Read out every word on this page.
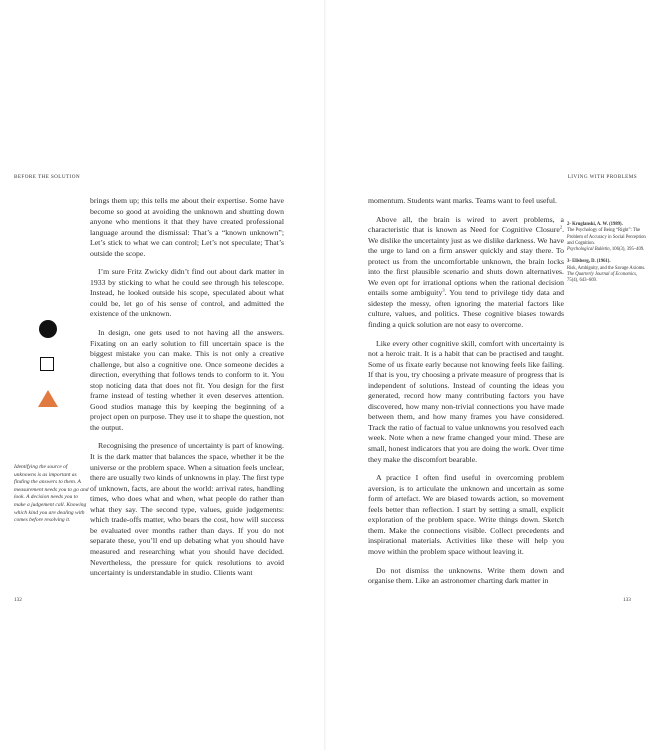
BEFORE THE SOLUTION	LIVING WITH PROBLEMS
Identifying the source of unknowns is as important as finding the answers to them. A measurement needs you to go and look. A decision needs you to make a judgement call. Knowing which kind you are dealing with comes before resolving it.

brings them up; this tells me about their expertise. Some have become so good at avoiding the unknown and shutting down anyone who mentions it that they have created professional language around the dismissal: That’s a “known unknown”; Let’s stick to what we can control; Let’s not speculate; That’s outside the scope.

I’m sure Fritz Zwicky didn’t find out about dark matter in 1933 by sticking to what he could see through his telescope. Instead, he looked outside his scope, speculated about what could be, let go of his sense of control, and admitted the existence of the unknown.

In design, one gets used to not having all the answers. Fixating on an early solution to fill uncertain space is the biggest mistake you can make. This is not only a creative challenge, but also a cognitive one. Once someone decides a direction, everything that follows tends to conform to it. You stop noticing data that does not fit. You design for the first frame instead of testing whether it even deserves attention. Good studios manage this by keeping the beginning of a project open on purpose. They use it to shape the question, not the output.

Recognising the presence of uncertainty is part of knowing. It is the dark matter that balances the space, whether it be the universe or the problem space. When a situation feels unclear, there are usually two kinds of unknowns in play. The first type of unknown, facts, are about the world: arrival rates, handling times, who does what and when, what people do rather than what they say. The second type, values, guide judgements: which trade-offs matter, who bears the cost, how will success be evaluated over months rather than days. If you do not separate these, you’ll end up debating what you should have measured and researching what you should have decided. Nevertheless, the pressure for quick resolutions to avoid uncertainty is understandable in studio. Clients want

momentum. Students want marks. Teams want to feel useful.

Above all, the brain is wired to avert problems, a characteristic that is known as Need for Cognitive Closure$^2$. We dislike the uncertainty just as we dislike darkness. We have the urge to land on a firm answer quickly and stay there. To protect us from the uncomfortable unknown, the brain locks into the first plausible scenario and shuts down alternatives. We even opt for irrational options when the rational decision entails some ambiguity$^3$. You tend to privilege tidy data and sidestep the messy, often ignoring the material factors like culture, values, and politics. These cognitive biases towards finding a quick solution are not easy to overcome.

Like every other cognitive skill, comfort with uncertainty is not a heroic trait. It is a habit that can be practised and taught. Some of us fixate early because not knowing feels like failing. If that is you, try choosing a private measure of progress that is independent of solutions. Instead of counting the ideas you generated, record how many contributing factors you have discovered, how many non-trivial connections you have made between them, and how many frames you have considered. Track the ratio of factual to value unknowns you resolved each week. Note when a new frame changed your mind. These are small, honest indicators that you are doing the work. Over time they make the discomfort bearable.

A practice I often find useful in overcoming problem aversion, is to articulate the unknown and uncertain as some form of artefact. We are biased towards action, so movement feels better than reflection. I start by setting a small, explicit exploration of the problem space. Write things down. Sketch them. Make the connections visible. Collect precedents and inspirational materials. Activities like these will help you move within the problem space without leaving it.

Do not dismiss the unknowns. Write them down and organise them. Like an astronomer charting dark matter in

2- Kruglanski, A. W. (1989).
The Psychology of Being “Right”: The Problem of Accuracy in Social Perception and Cognition.
Psychological Bulletin, 106(3), 395–409.
3- Ellsberg, D. (1961).
Risk, Ambiguity, and the Savage Axioms.
The Quarterly Journal of Economics, 75(4), 643–669.
132	133
